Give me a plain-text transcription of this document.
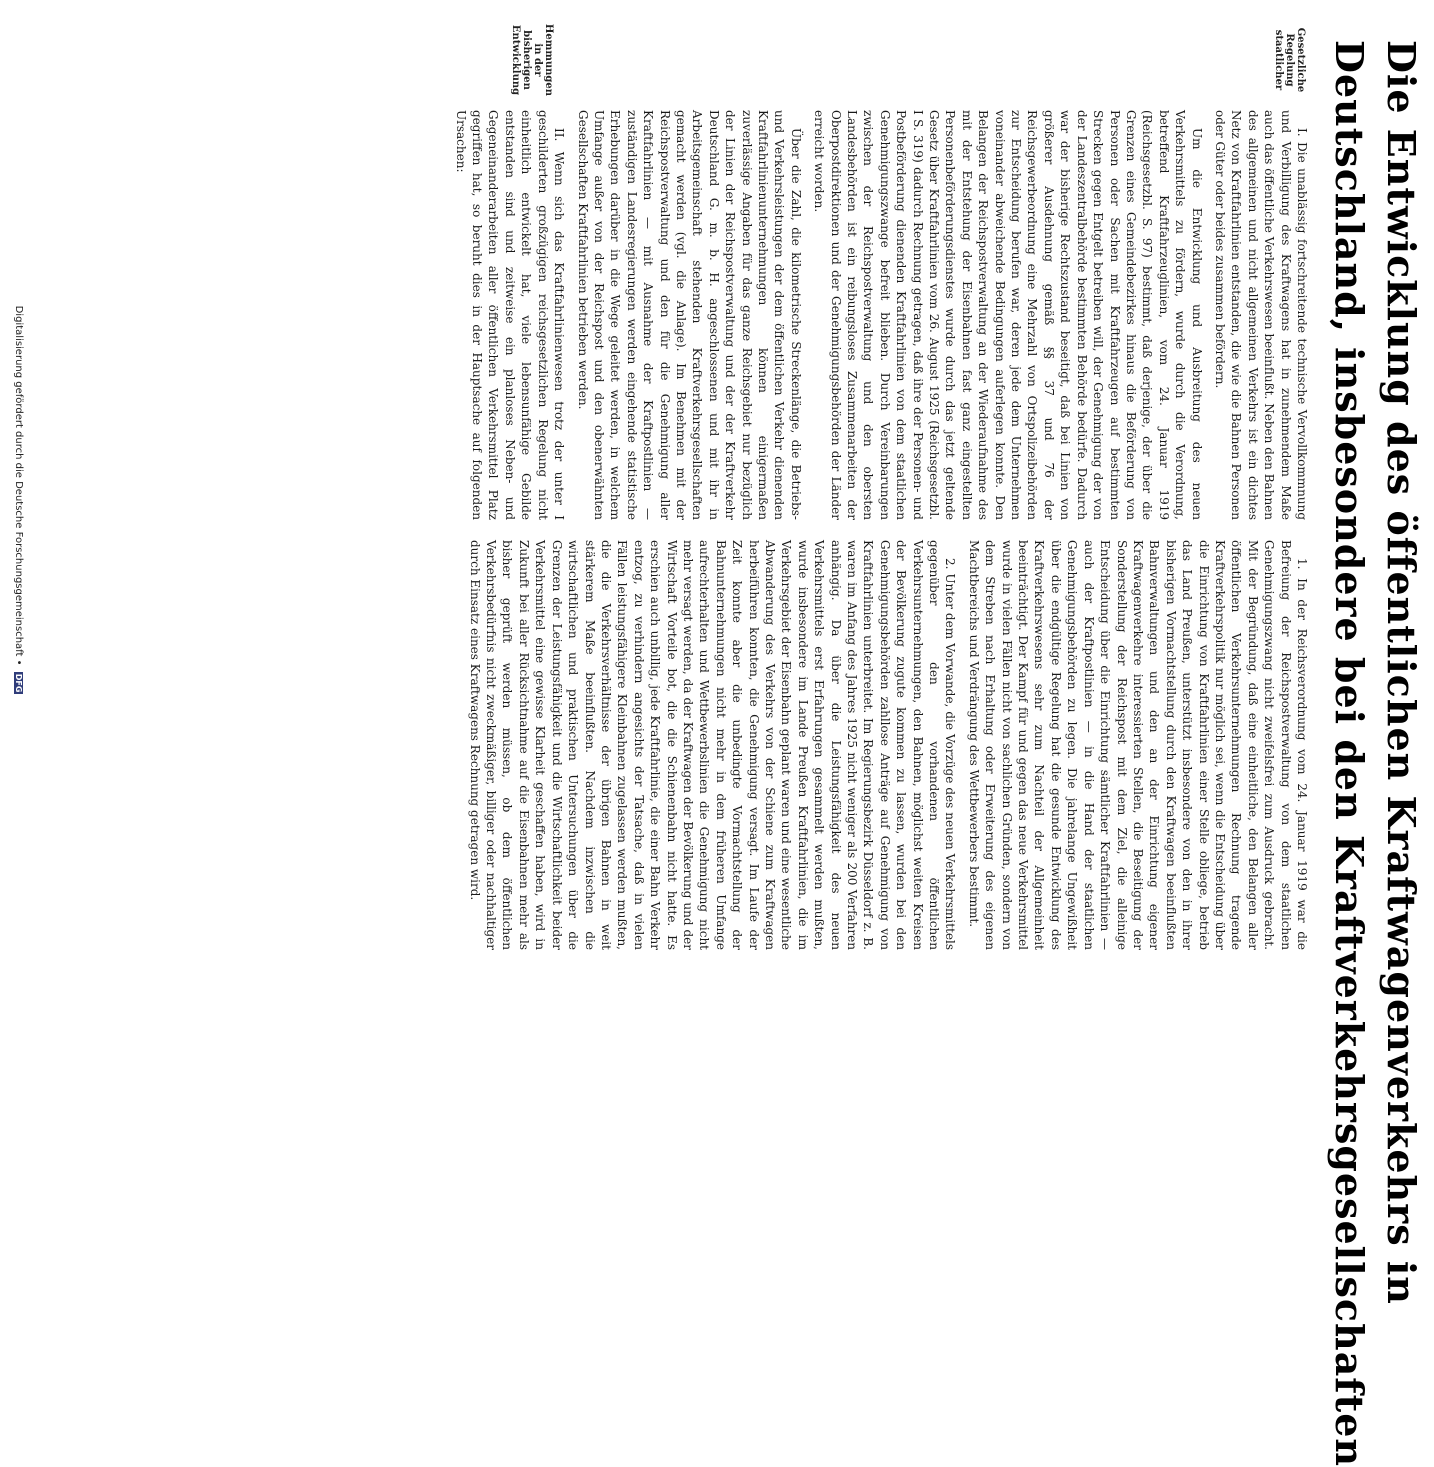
Die Entwicklung des öffentlichen Kraftwagenverkehrs in
Deutschland, insbesondere bei den Kraftverkehrsgesellschaften
Gesetzliche Regelung staatlicher
Hemmungen in der bisherigen Entwicklung

1. In der Reichsverordnung vom 24. Januar 1919 war die Befreiung der Reichspostverwaltung von dem staatlichen Genehmigungszwang nicht zweifelsfrei zum Ausdruck gebracht. Mit der Begründung, daß eine einheitliche, den Belangen aller öffentlichen Verkehrsunternehmungen Rechnung tragende Kraftverkehrspolitik nur möglich sei, wenn die Entscheidung über die Einrichtung von Kraftfahrlinien einer Stelle obliege, betrieb das Land Preußen, unterstützt insbesondere von den in ihrer bisherigen Vormachtstellung durch den Kraftwagen beeinflußten Bahnverwaltungen und den an der Einrichtung eigener Kraftwagenverkehre interessierten Stellen, die Beseitigung der Sonderstellung der Reichspost mit dem Ziel, die alleinige Entscheidung über die Einrichtung sämtlicher Kraftfahrlinien — auch der Kraftpostlinien — in die Hand der staatlichen Genehmigungsbehörden zu legen. Die jahrelange Ungewißheit über die endgültige Regelung hat die gesunde Entwicklung des Kraftverkehrswesens sehr zum Nachteil der Allgemeinheit beeinträchtigt. Der Kampf für und gegen das neue Verkehrsmittel wurde in vielen Fällen nicht von sachlichen Gründen, sondern von dem Streben nach Erhaltung oder Erweiterung des eigenen Machtbereichs und Verdrängung des Wettbewerbers bestimmt.

2. Unter dem Vorwande, die Vorzüge des neuen Verkehrsmittels gegenüber den vorhandenen öffentlichen Verkehrsunternehmungen, den Bahnen, möglichst weiten Kreisen der Bevölkerung zugute kommen zu lassen, wurden bei den Genehmigungsbehörden zahllose Anträge auf Genehmigung von Kraftfahrlinien unterbreitet. Im Regierungsbezirk Düsseldorf z. B. waren im Anfang des Jahres 1925 nicht weniger als 200 Verfahren anhängig. Da über die Leistungsfähigkeit des neuen Verkehrsmittels erst Erfahrungen gesammelt werden mußten, wurde insbesondere im Lande Preußen Kraftfahrlinien, die im Verkehrsgebiet der Eisenbahn geplant waren und eine wesentliche Abwanderung des Verkehrs von der Schiene zum Kraftwagen herbeiführen konnten, die Genehmigung versagt. Im Laufe der Zeit konnte aber die unbedingte Vormachtstellung der Bahnunternehmungen nicht mehr in dem früheren Umfange aufrechterhalten und Wettbewerbslinien die Genehmigung nicht mehr versagt werden, da der Kraftwagen der Bevölkerung und der Wirtschaft Vorteile bot, die die Schienenbahn nicht hatte. Es erschien auch unbillig, jede Kraftfahrlinie, die einer Bahn Verkehr entzog, zu verhindern angesichts der Tatsache, daß in vielen Fällen leistungsfähigere Kleinbahnen zugelassen werden mußten, die die Verkehrsverhältnisse der übrigen Bahnen in weit stärkerem Maße beeinflußten. Nachdem inzwischen die wirtschaftlichen und praktischen Untersuchungen über die Grenzen der Leistungsfähigkeit und die Wirtschaftlichkeit beider Verkehrsmittel eine gewisse Klarheit geschaffen haben, wird in Zukunft bei aller Rücksichtnahme auf die Eisenbahnen mehr als bisher geprüft werden müssen, ob dem öffentlichen Verkehrsbedürfnis nicht zweckmäßiger, billiger oder nachhaltiger durch Einsatz eines Kraftwagens Rechnung getragen wird.

I. Die unablässig fortschreitende technische Vervollkommnung und Verbilligung des Kraftwagens hat in zunehmendem Maße auch das öffentliche Verkehrswesen beeinflußt. Neben den Bahnen des allgemeinen und nicht allgemeinen Verkehrs ist ein dichtes Netz von Kraftfahrlinien entstanden, die wie die Bahnen Personen oder Güter oder beides zusammen befördern.

Um die Entwicklung und Ausbreitung des neuen Verkehrsmittels zu fördern, wurde durch die Verordnung, betreffend Kraftfahrzeuglinien, vom 24. Januar 1919 (Reichsgesetzbl. S. 97) bestimmt, daß derjenige, der über die Grenzen eines Gemeindebezirkes hinaus die Beförderung von Personen oder Sachen mit Kraftfahrzeugen auf bestimmten Strecken gegen Entgelt betreiben will, der Genehmigung der von der Landeszentralbehörde bestimmten Behörde bedürfe. Dadurch war der bisherige Rechtszustand beseitigt, daß bei Linien von größerer Ausdehnung gemäß §§ 37 und 76 der Reichsgewerbeordnung eine Mehrzahl von Ortspolizeibehörden zur Entscheidung berufen war, deren jede dem Unternehmen voneinander abweichende Bedingungen auferlegen konnte. Den Belangen der Reichspostverwaltung an der Wiederaufnahme des mit der Entstehung der Eisenbahnen fast ganz eingestellten Personenbeförderungsdienstes wurde durch das jetzt geltende Gesetz über Kraftfahrlinien vom 26. August 1925 (Reichsgesetzbl. I S. 319) dadurch Rechnung getragen, daß ihre der Personen- und Postbeförderung dienenden Kraftfahrlinien von dem staatlichen Genehmigungszwange befreit blieben. Durch Vereinbarungen zwischen der Reichspostverwaltung und den obersten Landesbehörden ist ein reibungsloses Zusammenarbeiten der Oberpostdirektionen und der Genehmigungsbehörden der Länder erreicht worden.

Über die Zahl, die kilometrische Streckenlänge, die Betriebs- und Verkehrsleistungen der dem öffentlichen Verkehr dienenden Kraftfahrlinienunternehmungen können einigermaßen zuverlässige Angaben für das ganze Reichsgebiet nur bezüglich der Linien der Reichspostverwaltung und der der Kraftverkehr Deutschland G. m. b. H. angeschlossenen und mit ihr in Arbeitsgemeinschaft stehenden Kraftverkehrsgesellschaften gemacht werden (vgl. die Anlage). Im Benehmen mit der Reichspostverwaltung und den für die Genehmigung aller Kraftfahrlinien — mit Ausnahme der Kraftpostlinien — zuständigen Landesregierungen werden eingehende statistische Erhebungen darüber in die Wege geleitet werden, in welchem Umfange außer von der Reichspost und den obenerwähnten Gesellschaften Kraftfahrlinien betrieben werden.

II. Wenn sich das Kraftfahrlinienwesen trotz der unter I geschilderten großzügigen reichsgesetzlichen Regelung nicht einheitlich entwickelt hat, viele lebensunfähige Gebilde entstanden sind und zeitweise ein planloses Neben- und Gegeneinanderarbeiten aller öffentlichen Verkehrsmittel Platz gegriffen hat, so beruht dies in der Hauptsache auf folgenden Ursachen:

Digitalisierung gefördert durch die Deutsche Forschungsgemeinschaft • DFG
